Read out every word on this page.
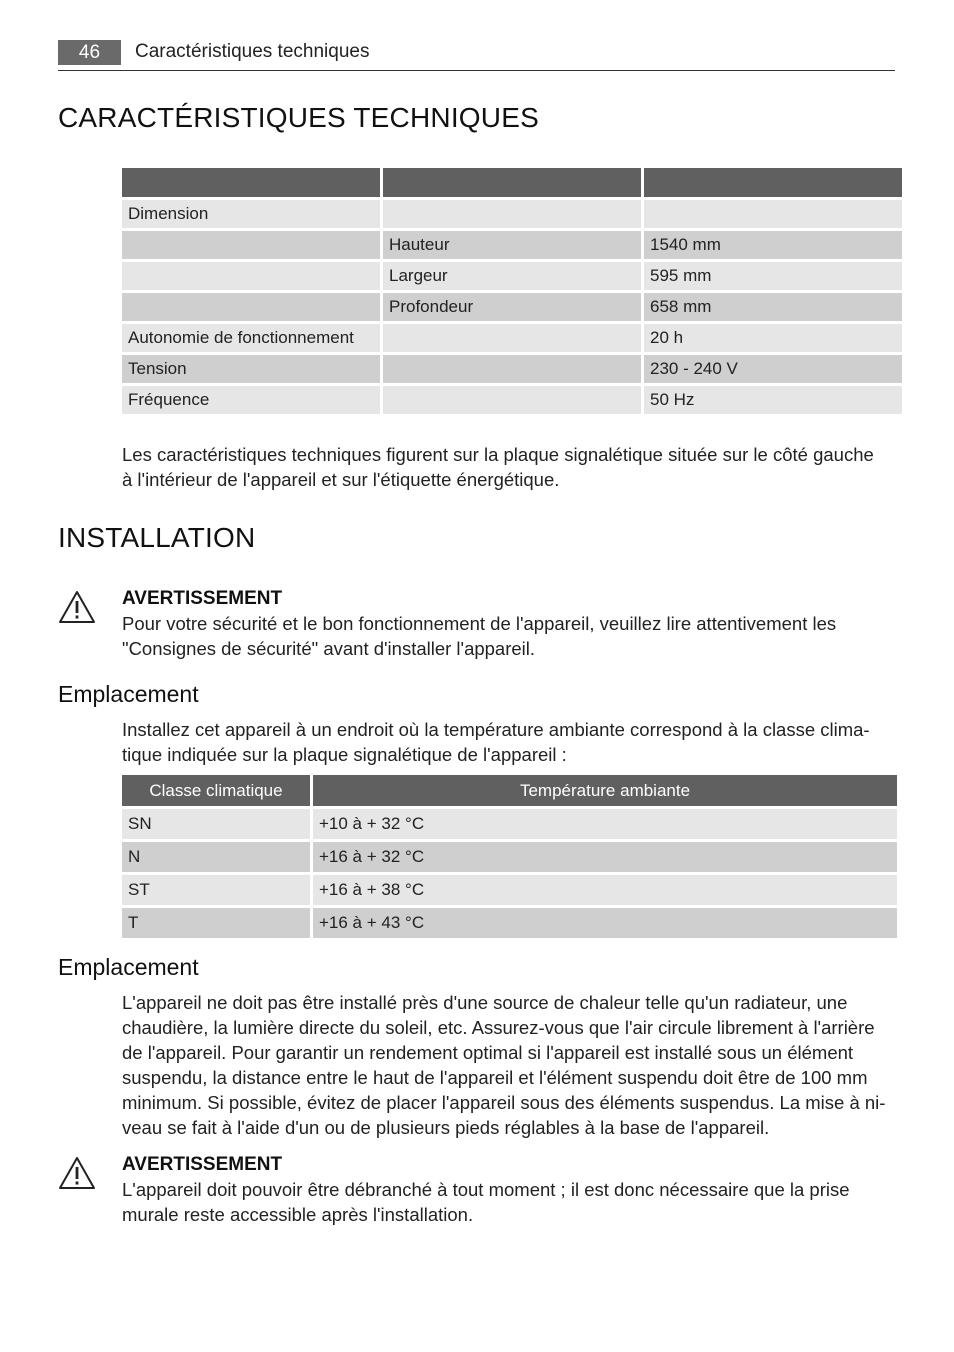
46	Caractéristiques techniques
CARACTÉRISTIQUES TECHNIQUES

Dimension		
	Hauteur	1540 mm
	Largeur	595 mm
	Profondeur	658 mm
Autonomie de fonctionnement		20 h
Tension		230 - 240 V
Fréquence		50 Hz
Les caractéristiques techniques figurent sur la plaque signalétique située sur le côté gauche
à l'intérieur de l'appareil et sur l'étiquette énergétique.
INSTALLATION
AVERTISSEMENT
Pour votre sécurité et le bon fonctionnement de l'appareil, veuillez lire attentivement les
"Consignes de sécurité" avant d'installer l'appareil.
Emplacement
Installez cet appareil à un endroit où la température ambiante correspond à la classe clima-
tique indiquée sur la plaque signalétique de l'appareil :
Classe climatique	Température ambiante
SN	+10 à + 32 °C
N	+16 à + 32 °C
ST	+16 à + 38 °C
T	+16 à + 43 °C
Emplacement
L'appareil ne doit pas être installé près d'une source de chaleur telle qu'un radiateur, une
chaudière, la lumière directe du soleil, etc. Assurez-vous que l'air circule librement à l'arrière
de l'appareil. Pour garantir un rendement optimal si l'appareil est installé sous un élément
suspendu, la distance entre le haut de l'appareil et l'élément suspendu doit être de 100 mm
minimum. Si possible, évitez de placer l'appareil sous des éléments suspendus. La mise à ni-
veau se fait à l'aide d'un ou de plusieurs pieds réglables à la base de l'appareil.
AVERTISSEMENT
L'appareil doit pouvoir être débranché à tout moment ; il est donc nécessaire que la prise
murale reste accessible après l'installation.
